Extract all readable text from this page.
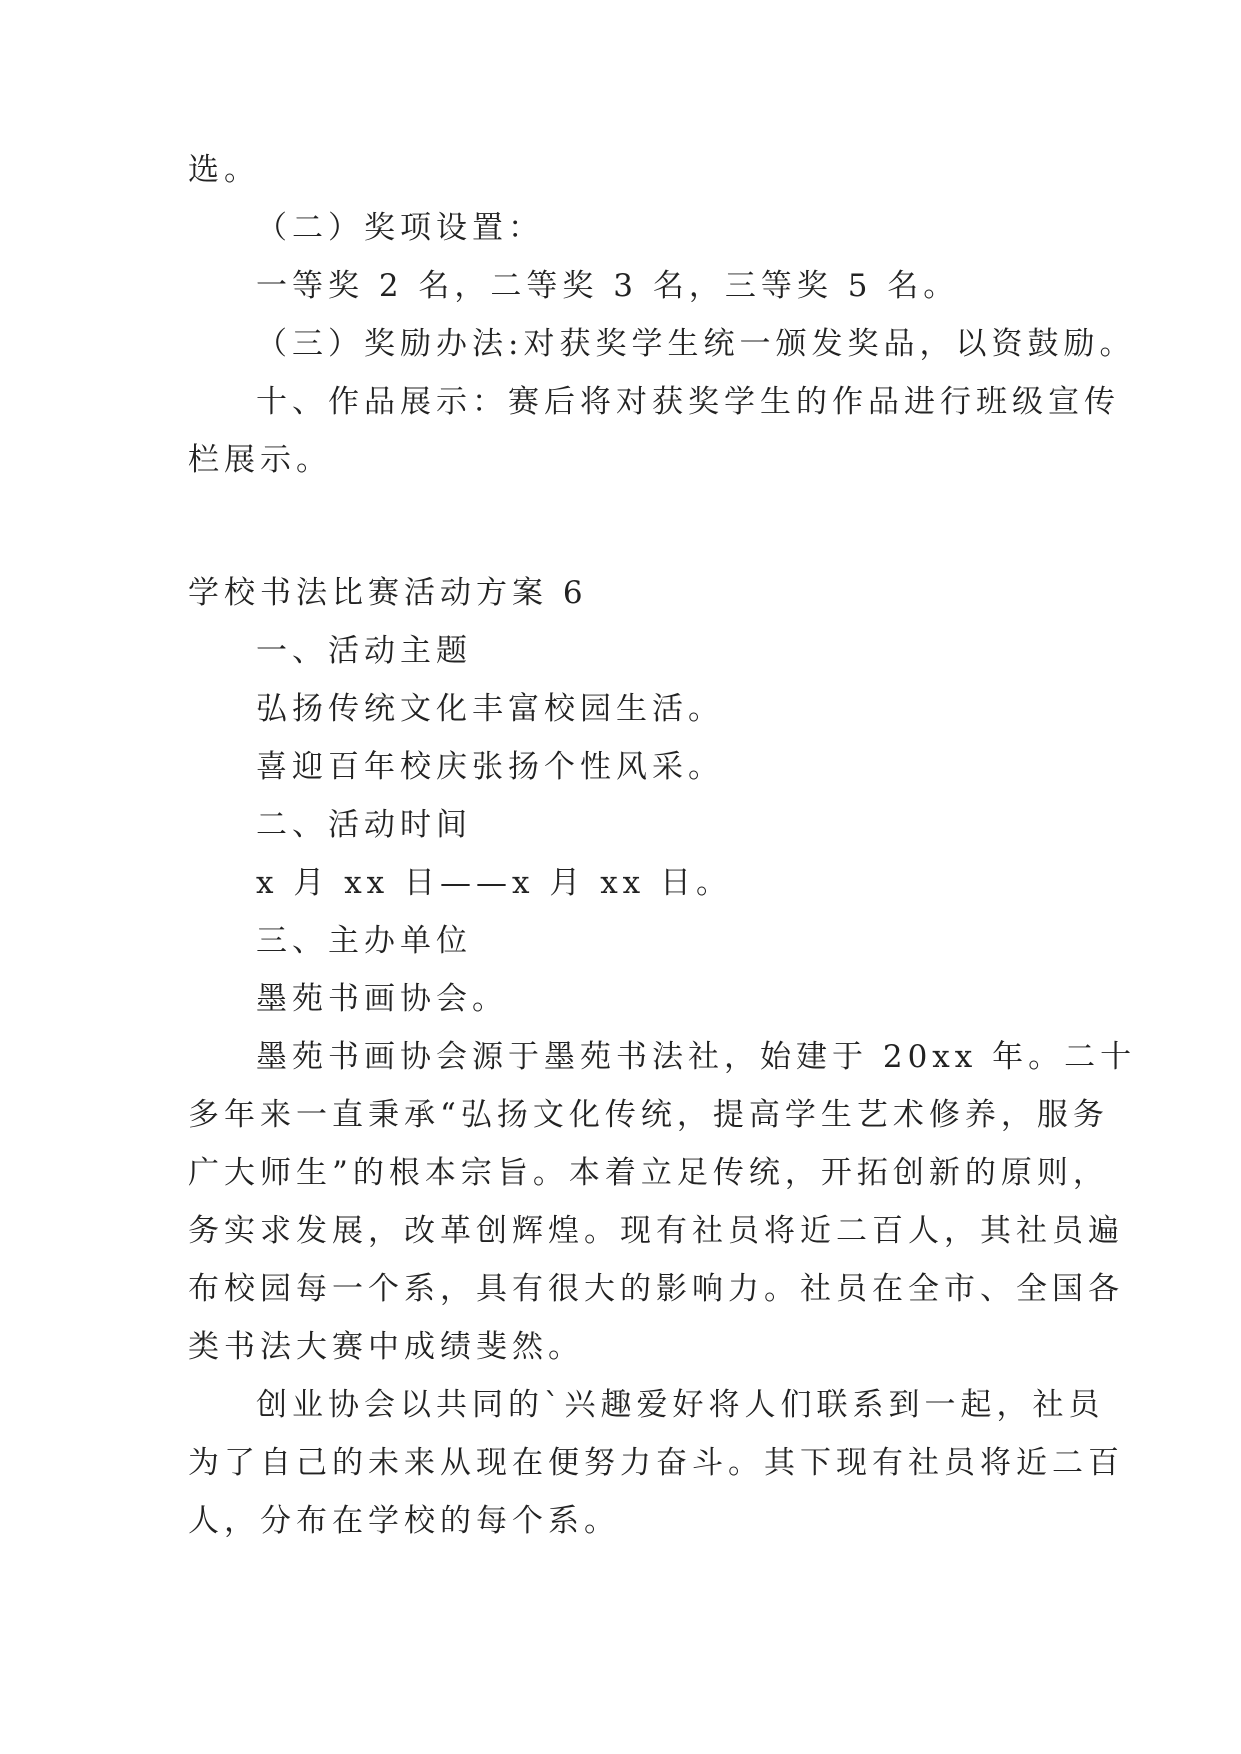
选。

（二）奖项设置：

一等奖 2 名，二等奖 3 名，三等奖 5 名。

（三）奖励办法:对获奖学生统一颁发奖品，以资鼓励。

十、作品展示：赛后将对获奖学生的作品进行班级宣传

栏展示。

学校书法比赛活动方案 6

一、活动主题

弘扬传统文化丰富校园生活。

喜迎百年校庆张扬个性风采。

二、活动时间

x 月 xx 日——x 月 xx 日。

三、主办单位

墨苑书画协会。

墨苑书画协会源于墨苑书法社，始建于 20xx 年。二十

多年来一直秉承“弘扬文化传统，提高学生艺术修养，服务

广大师生”的根本宗旨。本着立足传统，开拓创新的原则，

务实求发展，改革创辉煌。现有社员将近二百人，其社员遍

布校园每一个系，具有很大的影响力。社员在全市、全国各

类书法大赛中成绩斐然。

创业协会以共同的`兴趣爱好将人们联系到一起，社员

为了自己的未来从现在便努力奋斗。其下现有社员将近二百

人，分布在学校的每个系。
